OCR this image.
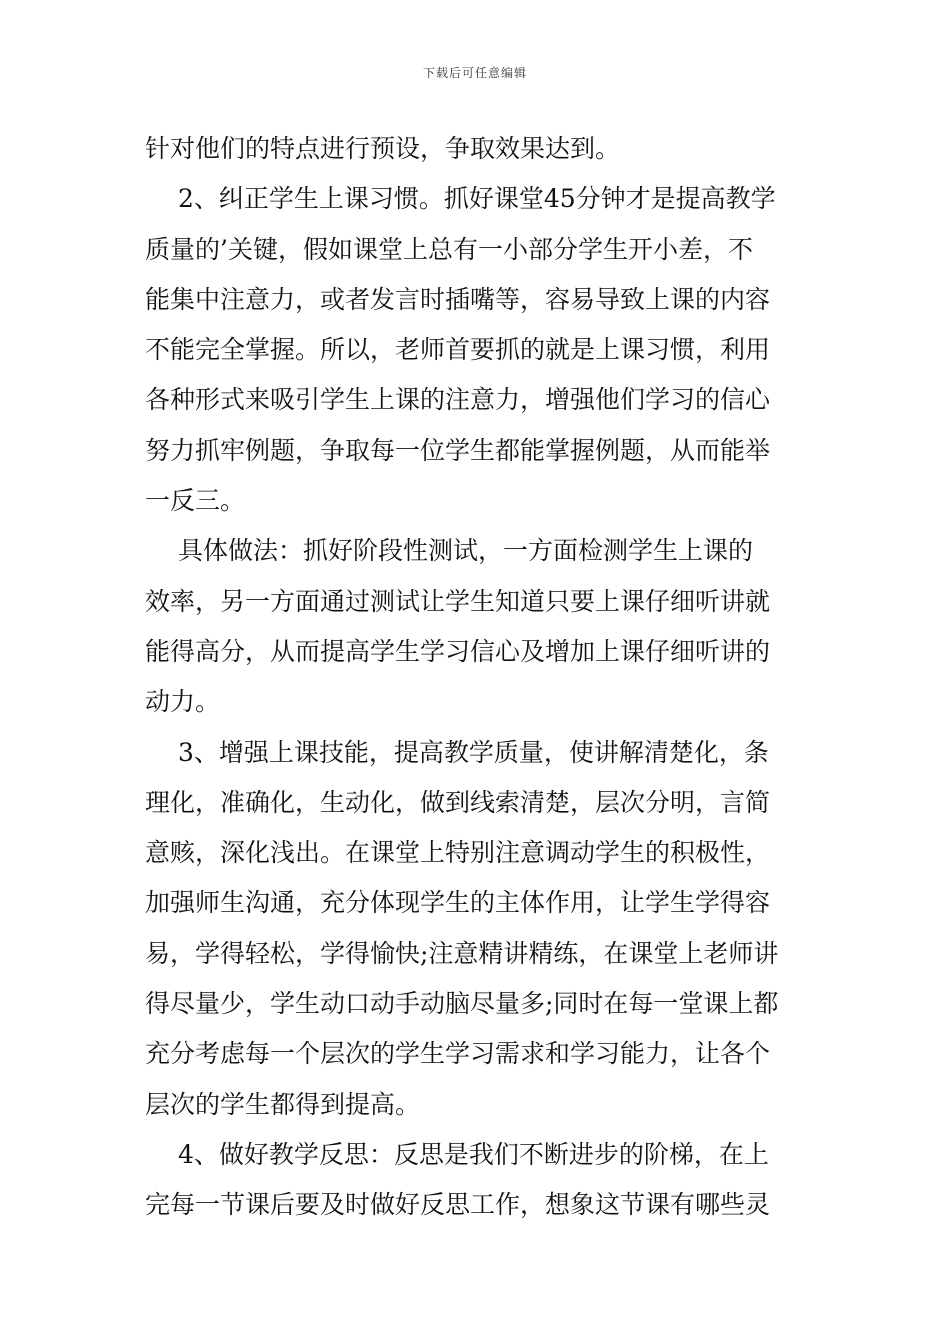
下载后可任意编辑
针对他们的特点进行预设，争取效果达到。
　 2、纠正学生上课习惯。抓好课堂45分钟才是提高教学
质量的’关键，假如课堂上总有一小部分学生开小差，不
能集中注意力，或者发言时插嘴等，容易导致上课的内容
不能完全掌握。所以，老师首要抓的就是上课习惯，利用
各种形式来吸引学生上课的注意力，增强他们学习的信心
努力抓牢例题，争取每一位学生都能掌握例题，从而能举
一反三。
　 具体做法：抓好阶段性测试，一方面检测学生上课的
效率，另一方面通过测试让学生知道只要上课仔细听讲就
能得高分，从而提高学生学习信心及增加上课仔细听讲的
动力。
　 3、增强上课技能，提高教学质量，使讲解清楚化，条
理化，准确化，生动化，做到线索清楚，层次分明，言简
意赅，深化浅出。在课堂上特别注意调动学生的积极性，
加强师生沟通，充分体现学生的主体作用，让学生学得容
易，学得轻松，学得愉快;注意精讲精练，在课堂上老师讲
得尽量少，学生动口动手动脑尽量多;同时在每一堂课上都
充分考虑每一个层次的学生学习需求和学习能力，让各个
层次的学生都得到提高。
　 4、做好教学反思：反思是我们不断进步的阶梯，在上
完每一节课后要及时做好反思工作，想象这节课有哪些灵
